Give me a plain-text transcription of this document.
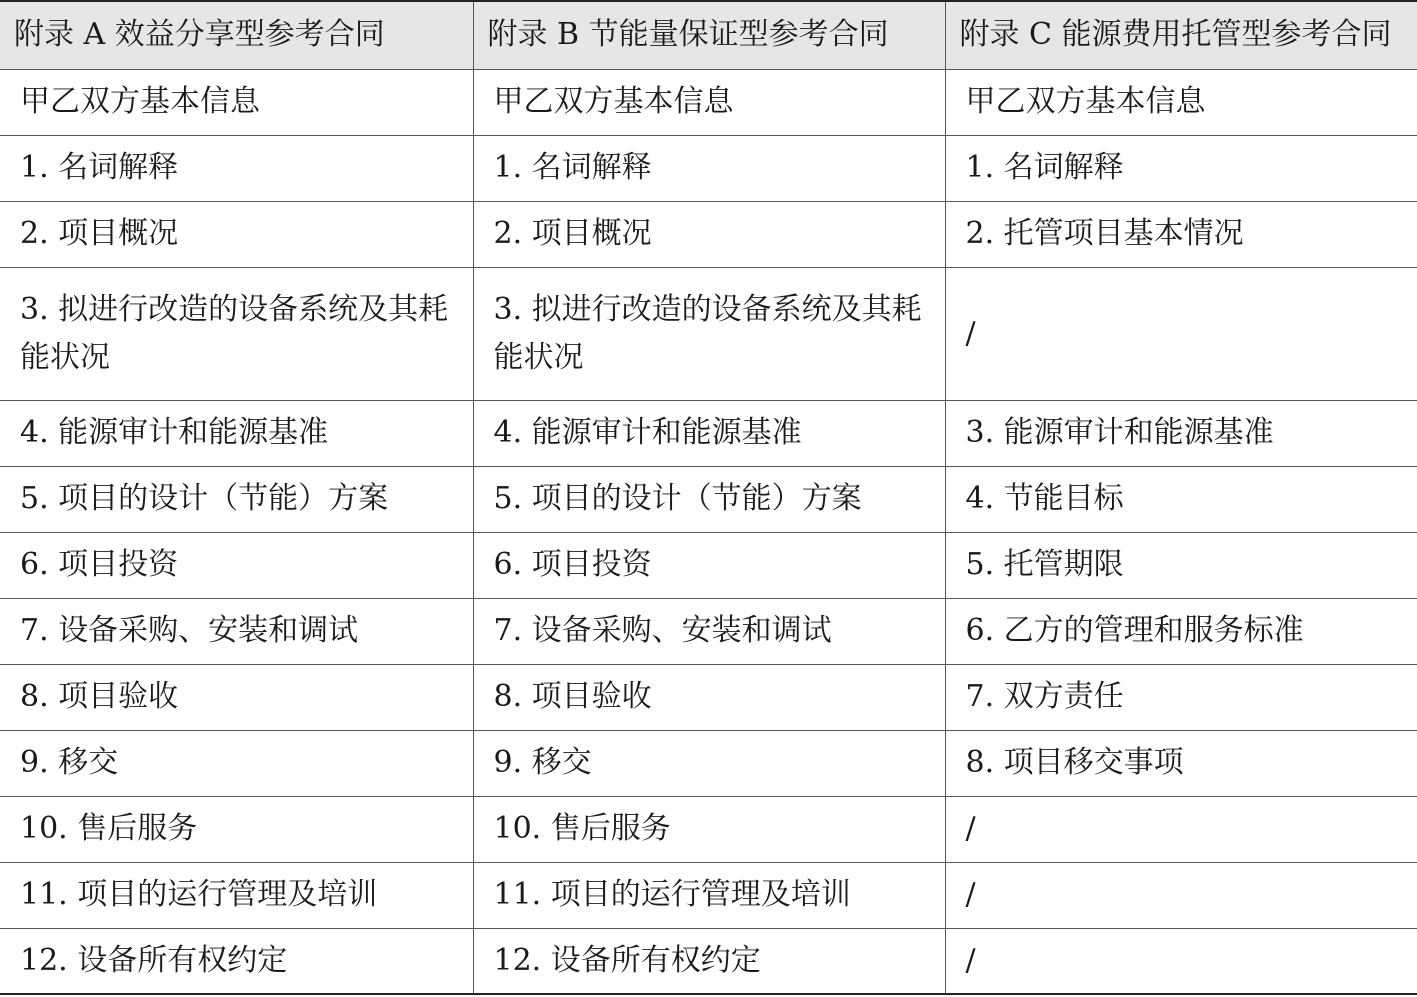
附录 A 效益分享型参考合同	附录 B 节能量保证型参考合同	附录 C 能源费用托管型参考合同
甲乙双方基本信息	甲乙双方基本信息	甲乙双方基本信息
1. 名词解释	1. 名词解释	1. 名词解释
2. 项目概况	2. 项目概况	2. 托管项目基本情况
3. 拟进行改造的设备系统及其耗能状况	3. 拟进行改造的设备系统及其耗能状况	/
4. 能源审计和能源基准	4. 能源审计和能源基准	3. 能源审计和能源基准
5. 项目的设计（节能）方案	5. 项目的设计（节能）方案	4. 节能目标
6. 项目投资	6. 项目投资	5. 托管期限
7. 设备采购、安装和调试	7. 设备采购、安装和调试	6. 乙方的管理和服务标准
8. 项目验收	8. 项目验收	7. 双方责任
9. 移交	9. 移交	8. 项目移交事项
10. 售后服务	10. 售后服务	/
11. 项目的运行管理及培训	11. 项目的运行管理及培训	/
12. 设备所有权约定	12. 设备所有权约定	/
